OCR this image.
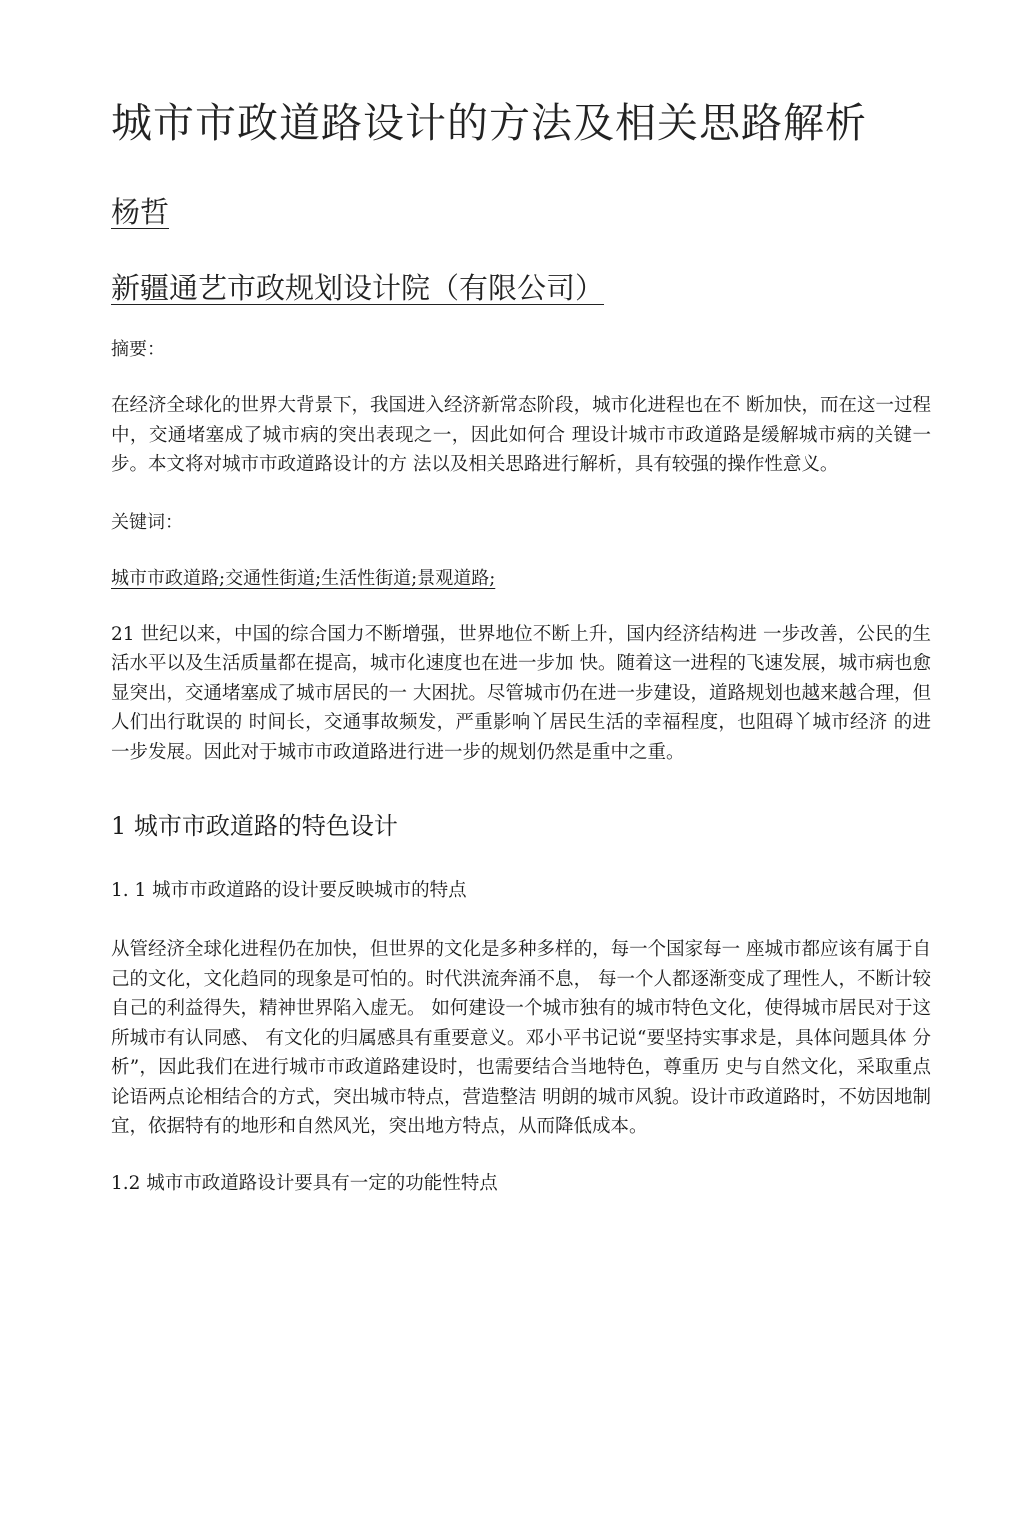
城市市政道路设计的方法及相关思路解析
杨哲
新疆通艺市政规划设计院（有限公司）
摘要：

在经济全球化的世界大背景下，我国进入经济新常态阶段，城市化进程也在不 断加快，而在这一过程中，交通堵塞成了城市病的突出表现之一，因此如何合 理设计城市市政道路是缓解城市病的关键一步。本文将对城市市政道路设计的方 法以及相关思路进行解析，具有较强的操作性意义。

关键词：
城市市政道路;交通性街道;生活性街道;景观道路;

21 世纪以来，中国的综合国力不断增强，世界地位不断上升，国内经济结构进 一步改善，公民的生活水平以及生活质量都在提高，城市化速度也在进一步加 快。随着这一进程的飞速发展，城市病也愈显突出，交通堵塞成了城市居民的一 大困扰。尽管城市仍在进一步建设，道路规划也越来越合理，但人们出行耽误的 时间长，交通事故频发，严重影响丫居民生活的幸福程度，也阻碍丫城市经济 的进一步发展。因此对于城市市政道路进行进一步的规划仍然是重中之重。

1 城市市政道路的特色设计
1. 1 城市市政道路的设计要反映城市的特点

从管经济全球化进程仍在加快，但世界的文化是多种多样的，每一个国家每一 座城市都应该有属于自己的文化，文化趋同的现象是可怕的。时代洪流奔涌不息， 每一个人都逐渐变成了理性人，不断计较自己的利益得失，精神世界陷入虚无。 如何建设一个城市独有的城市特色文化，使得城市居民对于这所城市有认同感、 有文化的归属感具有重要意义。邓小平书记说“要坚持实事求是，具体问题具体 分析”，因此我们在进行城市市政道路建设时，也需要结合当地特色，尊重历 史与自然文化，采取重点论语两点论相结合的方式，突出城市特点，营造整洁 明朗的城市风貌。设计市政道路时，不妨因地制宜，依据特有的地形和自然风光，突出地方特点，从而降低成本。

1.2 城市市政道路设计要具有一定的功能性特点
